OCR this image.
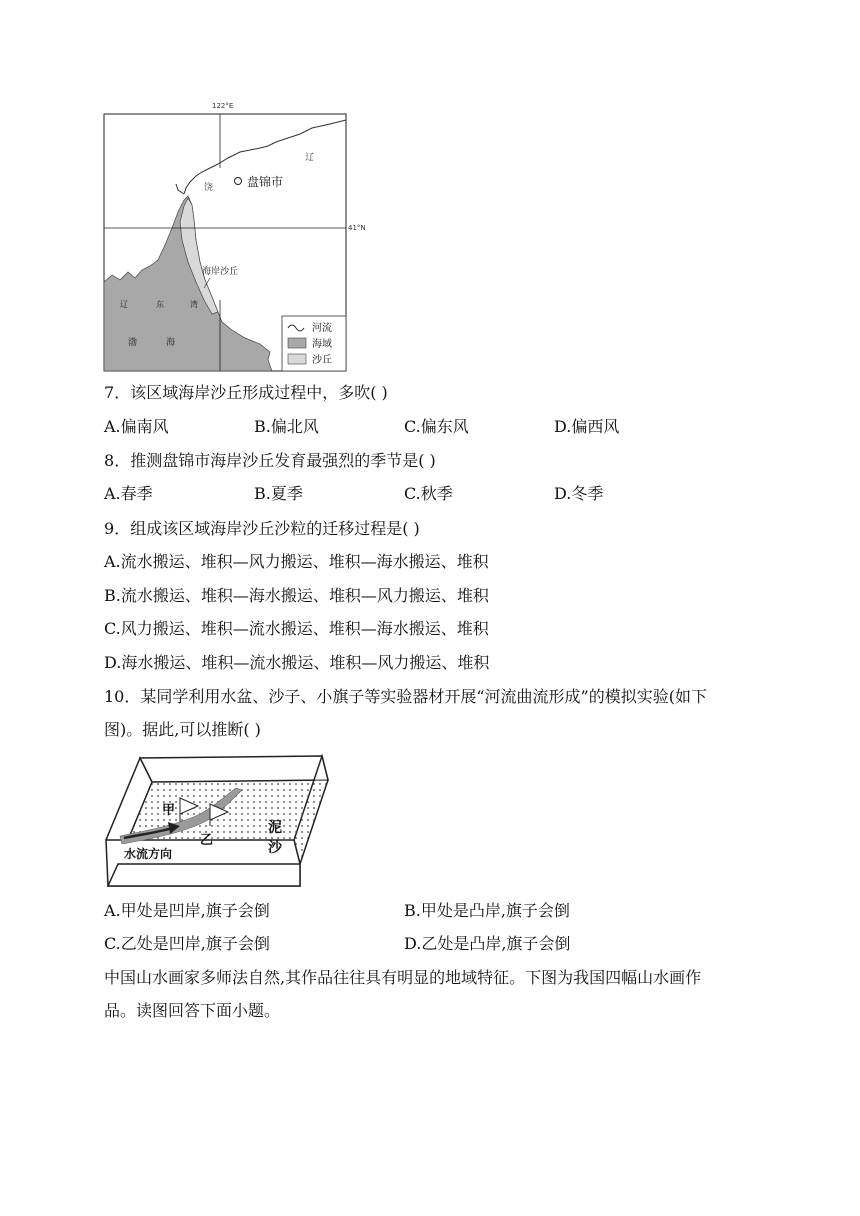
122°E
41°N
辽
饶	盘锦市
海岸沙丘
辽	东	湾
渤	海
河流
海域
沙丘
7．该区域海岸沙丘形成过程中，多吹( )
A.偏南风	B.偏北风	C.偏东风	D.偏西风
8．推测盘锦市海岸沙丘发育最强烈的季节是( )
A.春季	B.夏季	C.秋季	D.冬季
9．组成该区域海岸沙丘沙粒的迁移过程是( )
A.流水搬运、堆积—风力搬运、堆积—海水搬运、堆积
B.流水搬运、堆积—海水搬运、堆积—风力搬运、堆积
C.风力搬运、堆积—流水搬运、堆积—海水搬运、堆积
D.海水搬运、堆积—流水搬运、堆积—风力搬运、堆积
10．某同学利用水盆、沙子、小旗子等实验器材开展“河流曲流形成”的模拟实验(如下
图)。据此,可以推断( )
甲
乙
泥
沙
水流方向
A.甲处是凹岸,旗子会倒	B.甲处是凸岸,旗子会倒
C.乙处是凹岸,旗子会倒	D.乙处是凸岸,旗子会倒
中国山水画家多师法自然,其作品往往具有明显的地域特征。下图为我国四幅山水画作
品。读图回答下面小题。
